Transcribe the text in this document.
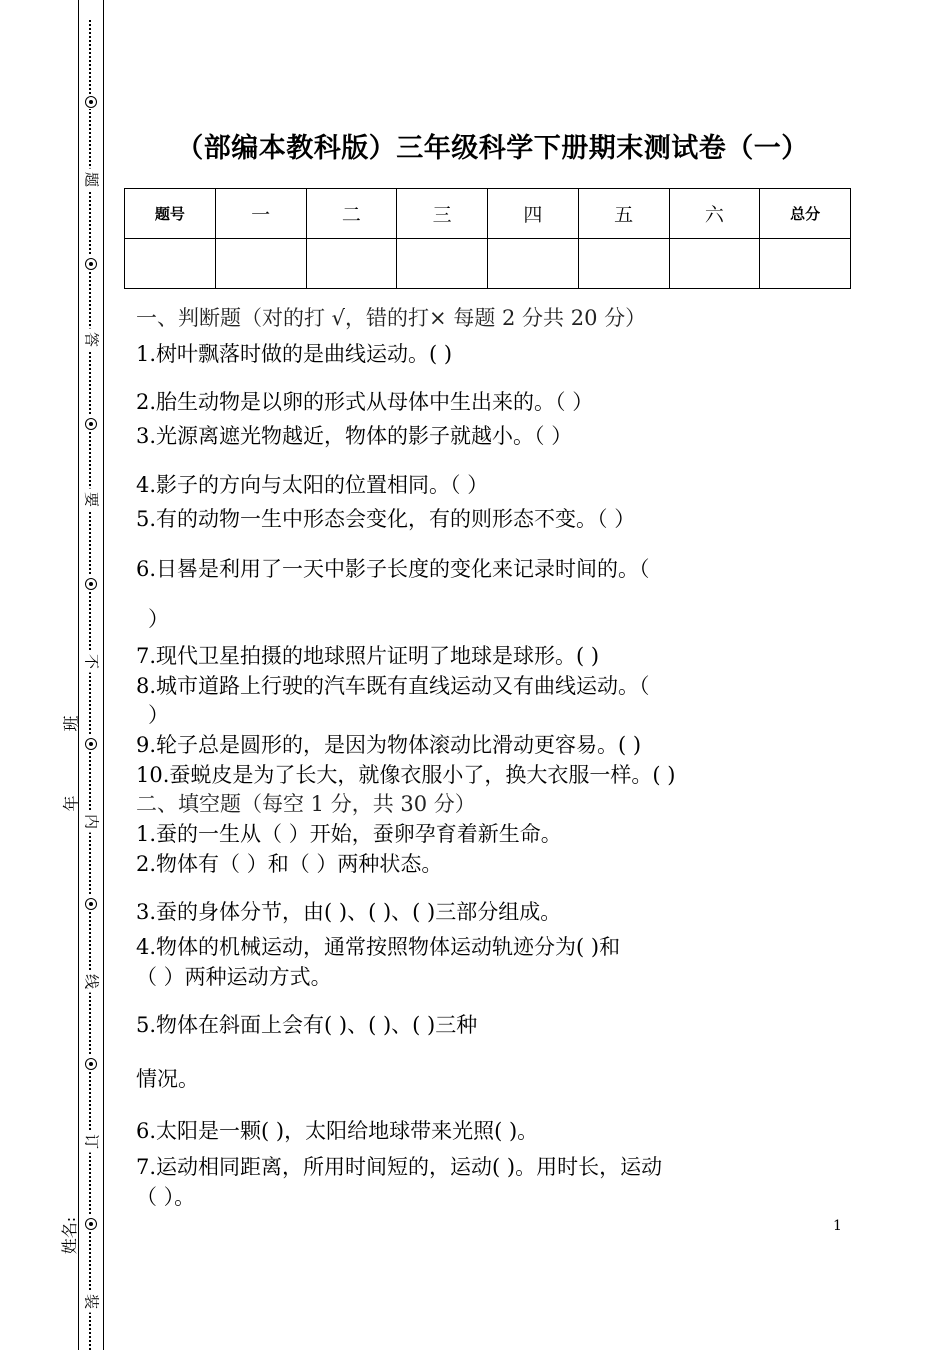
题
答
要
不
内
线
订
装
班
年
姓名:
（部编本教科版）三年级科学下册期末测试卷（一）
题号	一	二	三	四	五	六	总分

一、判断题（对的打 √，错的打× 每题 2 分共 20 分）
1.树叶飘落时做的是曲线运动。( )
2.胎生动物是以卵的形式从母体中生出来的。（ ）
3.光源离遮光物越近，物体的影子就越小。（ ）
4.影子的方向与太阳的位置相同。（ ）
5.有的动物一生中形态会变化，有的则形态不变。（ ）
6.日晷是利用了一天中影子长度的变化来记录时间的。（
）
7.现代卫星拍摄的地球照片证明了地球是球形。( )
8.城市道路上行驶的汽车既有直线运动又有曲线运动。（
）
9.轮子总是圆形的，是因为物体滚动比滑动更容易。( )
10.蚕蜕皮是为了长大，就像衣服小了，换大衣服一样。( )
二、填空题（每空 1 分，共 30 分）
1.蚕的一生从（ ）开始，蚕卵孕育着新生命。
2.物体有（ ）和（ ）两种状态。
3.蚕的身体分节，由( )、( )、( )三部分组成。
4.物体的机械运动，通常按照物体运动轨迹分为( )和
（ ）两种运动方式。
5.物体在斜面上会有( )、( )、( )三种
情况。
6.太阳是一颗( )，太阳给地球带来光照( )。
7.运动相同距离，所用时间短的，运动( )。用时长，运动
（ ）。
1
